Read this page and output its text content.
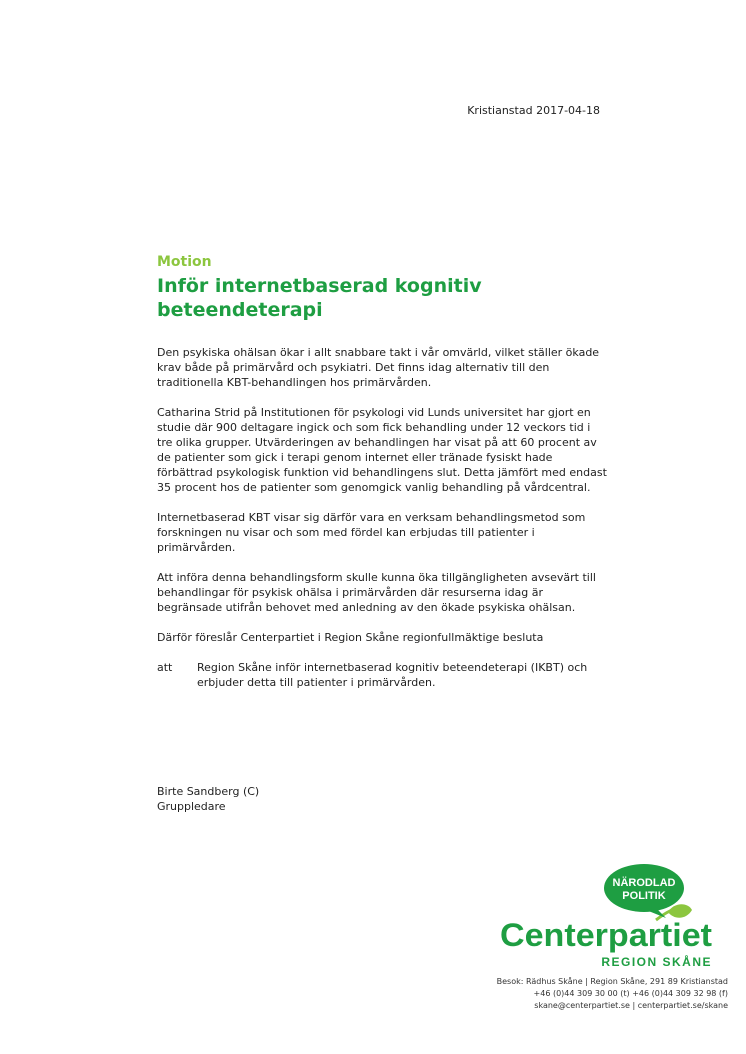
Kristianstad 2017-04-18
Motion
Inför internetbaserad kognitiv beteendeterapi

Den psykiska ohälsan ökar i allt snabbare takt i vår omvärld, vilket ställer ökade krav både på primärvård och psykiatri. Det finns idag alternativ till den traditionella KBT-behandlingen hos primärvården.

Catharina Strid på Institutionen för psykologi vid Lunds universitet har gjort en studie där 900 deltagare ingick och som fick behandling under 12 veckors tid i tre olika grupper. Utvärderingen av behandlingen har visat på att 60 procent av de patienter som gick i terapi genom internet eller tränade fysiskt hade förbättrad psykologisk funktion vid behandlingens slut. Detta jämfört med endast 35 procent hos de patienter som genomgick vanlig behandling på vårdcentral.

Internetbaserad KBT visar sig därför vara en verksam behandlingsmetod som forskningen nu visar och som med fördel kan erbjudas till patienter i primärvården.

Att införa denna behandlingsform skulle kunna öka tillgängligheten avsevärt till behandlingar för psykisk ohälsa i primärvården där resurserna idag är begränsade utifrån behovet med anledning av den ökade psykiska ohälsan.

Därför föreslår Centerpartiet i Region Skåne regionfullmäktige besluta

att	Region Skåne inför internetbaserad kognitiv beteendeterapi (IKBT) och erbjuder detta till patienter i primärvården.
Birte Sandberg (C)
Gruppledare
NÄRODLAD
POLITIK
Centerpartiet
REGION SKÅNE
Besok: Rädhus Skåne | Region Skåne, 291 89 Kristianstad
+46 (0)44 309 30 00 (t) +46 (0)44 309 32 98 (f)
skane@centerpartiet.se | centerpartiet.se/skane
